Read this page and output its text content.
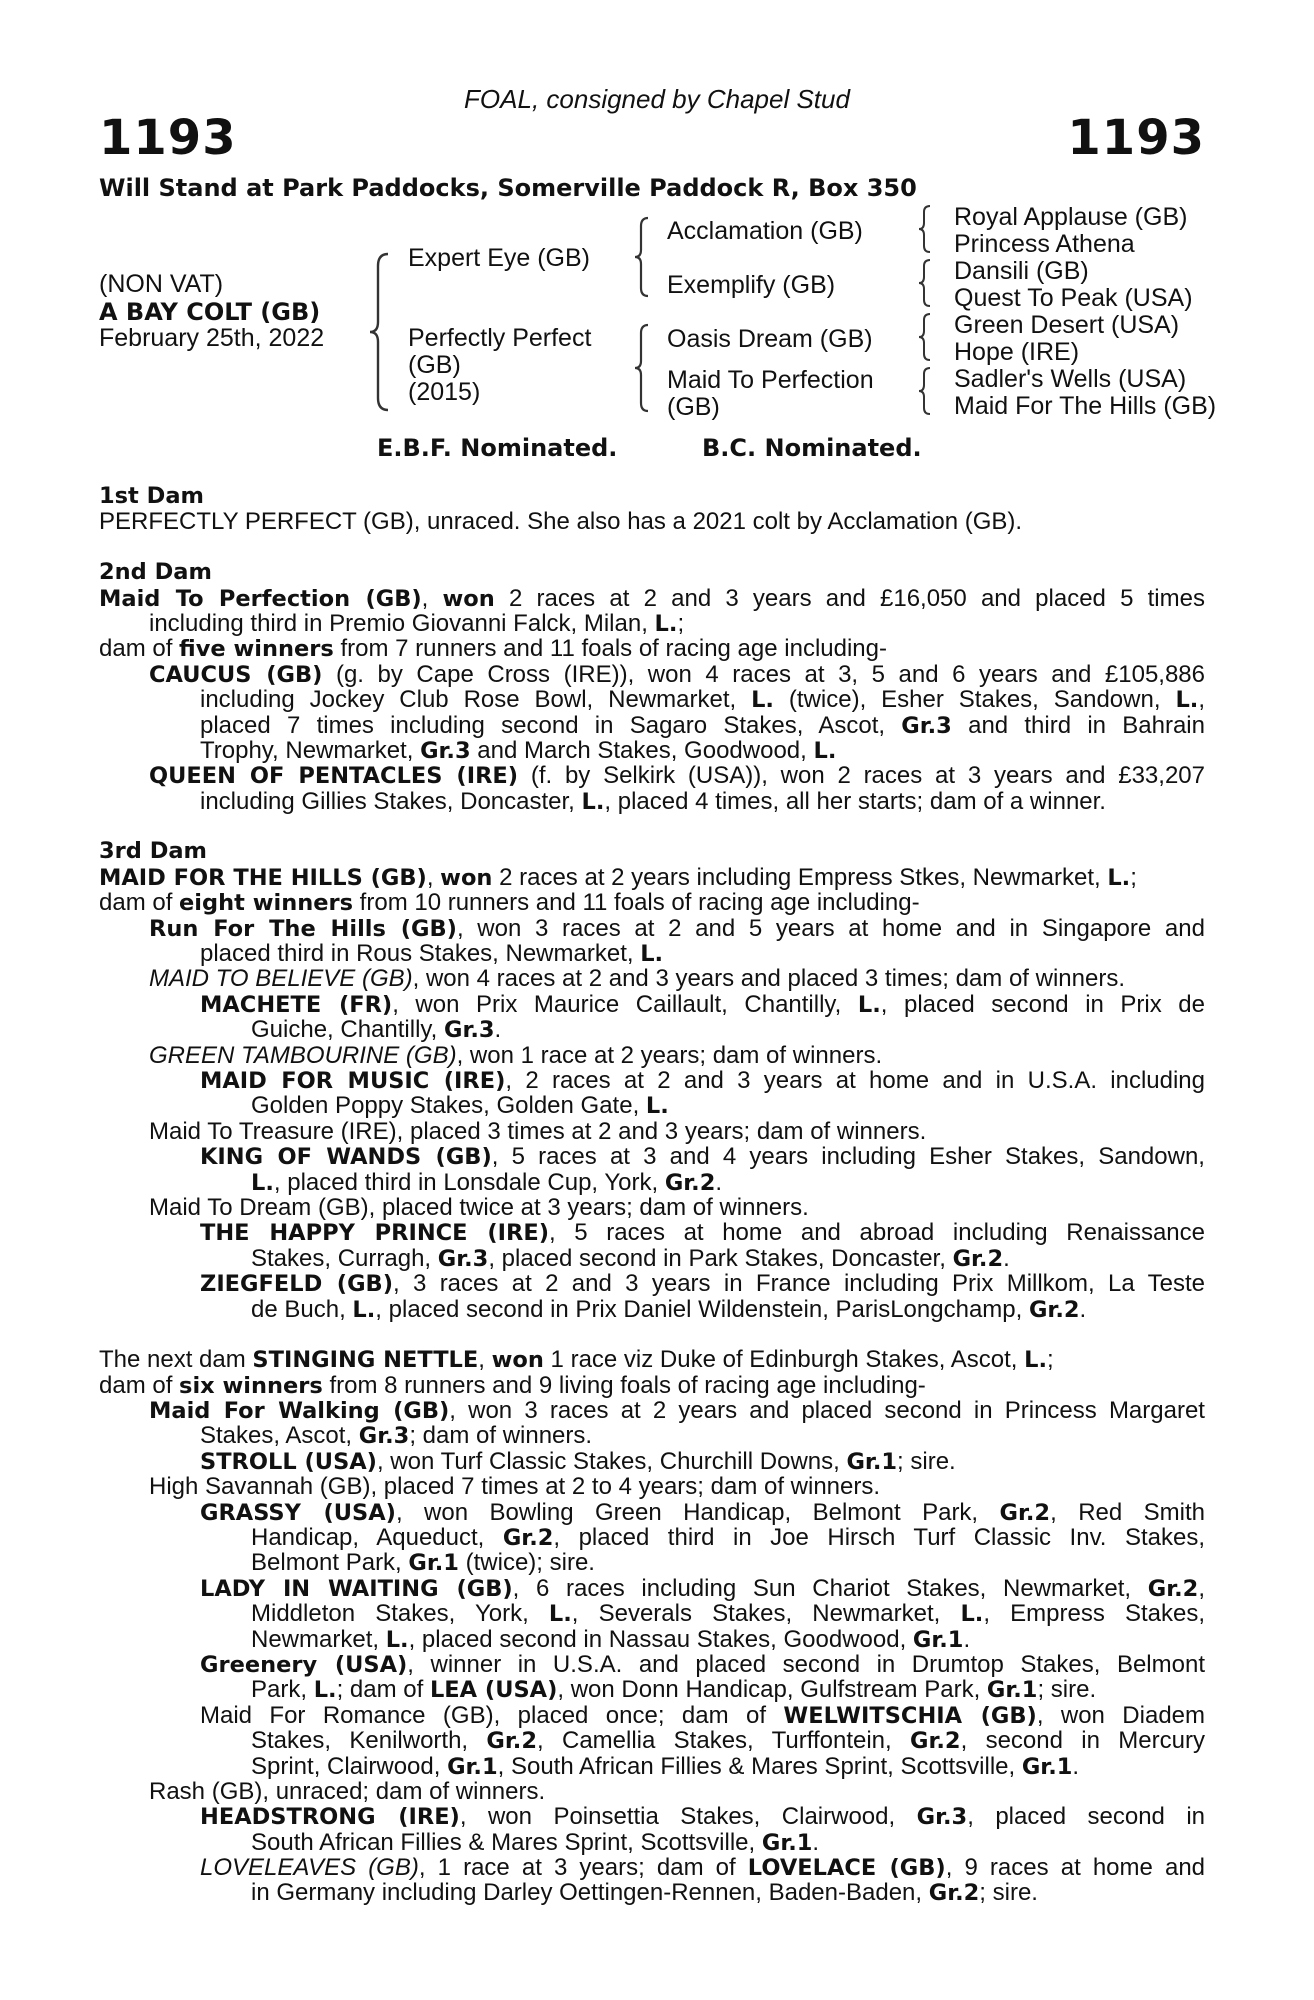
FOAL, consigned by Chapel Stud
1193	1193
Will Stand at Park Paddocks, Somerville Paddock R, Box 350
(NON VAT)
A BAY COLT (GB)
February 25th, 2022
Expert Eye (GB)
Perfectly Perfect
(GB)
(2015)
Acclamation (GB)
Exemplify (GB)
Oasis Dream (GB)
Maid To Perfection
(GB)
Royal Applause (GB)
Princess Athena
Dansili (GB)
Quest To Peak (USA)
Green Desert (USA)
Hope (IRE)
Sadler's Wells (USA)
Maid For The Hills (GB)
E.B.F. Nominated.	B.C. Nominated.
1st Dam
PERFECTLY PERFECT (GB), unraced. She also has a 2021 colt by Acclamation (GB).
2nd Dam
Maid To Perfection (GB), won 2 races at 2 and 3 years and £16,050 and placed 5 times
including third in Premio Giovanni Falck, Milan, L.;
dam of five winners from 7 runners and 11 foals of racing age including-
CAUCUS (GB) (g. by Cape Cross (IRE)), won 4 races at 3, 5 and 6 years and £105,886
including Jockey Club Rose Bowl, Newmarket, L. (twice), Esher Stakes, Sandown, L.,
placed 7 times including second in Sagaro Stakes, Ascot, Gr.3 and third in Bahrain
Trophy, Newmarket, Gr.3 and March Stakes, Goodwood, L.
QUEEN OF PENTACLES (IRE) (f. by Selkirk (USA)), won 2 races at 3 years and £33,207
including Gillies Stakes, Doncaster, L., placed 4 times, all her starts; dam of a winner.
3rd Dam
MAID FOR THE HILLS (GB), won 2 races at 2 years including Empress Stkes, Newmarket, L.;
dam of eight winners from 10 runners and 11 foals of racing age including-
Run For The Hills (GB), won 3 races at 2 and 5 years at home and in Singapore and
placed third in Rous Stakes, Newmarket, L.
MAID TO BELIEVE (GB), won 4 races at 2 and 3 years and placed 3 times; dam of winners.
MACHETE (FR), won Prix Maurice Caillault, Chantilly, L., placed second in Prix de
Guiche, Chantilly, Gr.3.
GREEN TAMBOURINE (GB), won 1 race at 2 years; dam of winners.
MAID FOR MUSIC (IRE), 2 races at 2 and 3 years at home and in U.S.A. including
Golden Poppy Stakes, Golden Gate, L.
Maid To Treasure (IRE), placed 3 times at 2 and 3 years; dam of winners.
KING OF WANDS (GB), 5 races at 3 and 4 years including Esher Stakes, Sandown,
L., placed third in Lonsdale Cup, York, Gr.2.
Maid To Dream (GB), placed twice at 3 years; dam of winners.
THE HAPPY PRINCE (IRE), 5 races at home and abroad including Renaissance
Stakes, Curragh, Gr.3, placed second in Park Stakes, Doncaster, Gr.2.
ZIEGFELD (GB), 3 races at 2 and 3 years in France including Prix Millkom, La Teste
de Buch, L., placed second in Prix Daniel Wildenstein, ParisLongchamp, Gr.2.
The next dam STINGING NETTLE, won 1 race viz Duke of Edinburgh Stakes, Ascot, L.;
dam of six winners from 8 runners and 9 living foals of racing age including-
Maid For Walking (GB), won 3 races at 2 years and placed second in Princess Margaret
Stakes, Ascot, Gr.3; dam of winners.
STROLL (USA), won Turf Classic Stakes, Churchill Downs, Gr.1; sire.
High Savannah (GB), placed 7 times at 2 to 4 years; dam of winners.
GRASSY (USA), won Bowling Green Handicap, Belmont Park, Gr.2, Red Smith
Handicap, Aqueduct, Gr.2, placed third in Joe Hirsch Turf Classic Inv. Stakes,
Belmont Park, Gr.1 (twice); sire.
LADY IN WAITING (GB), 6 races including Sun Chariot Stakes, Newmarket, Gr.2,
Middleton Stakes, York, L., Severals Stakes, Newmarket, L., Empress Stakes,
Newmarket, L., placed second in Nassau Stakes, Goodwood, Gr.1.
Greenery (USA), winner in U.S.A. and placed second in Drumtop Stakes, Belmont
Park, L.; dam of LEA (USA), won Donn Handicap, Gulfstream Park, Gr.1; sire.
Maid For Romance (GB), placed once; dam of WELWITSCHIA (GB), won Diadem
Stakes, Kenilworth, Gr.2, Camellia Stakes, Turffontein, Gr.2, second in Mercury
Sprint, Clairwood, Gr.1, South African Fillies & Mares Sprint, Scottsville, Gr.1.
Rash (GB), unraced; dam of winners.
HEADSTRONG (IRE), won Poinsettia Stakes, Clairwood, Gr.3, placed second in
South African Fillies & Mares Sprint, Scottsville, Gr.1.
LOVELEAVES (GB), 1 race at 3 years; dam of LOVELACE (GB), 9 races at home and
in Germany including Darley Oettingen-Rennen, Baden-Baden, Gr.2; sire.
